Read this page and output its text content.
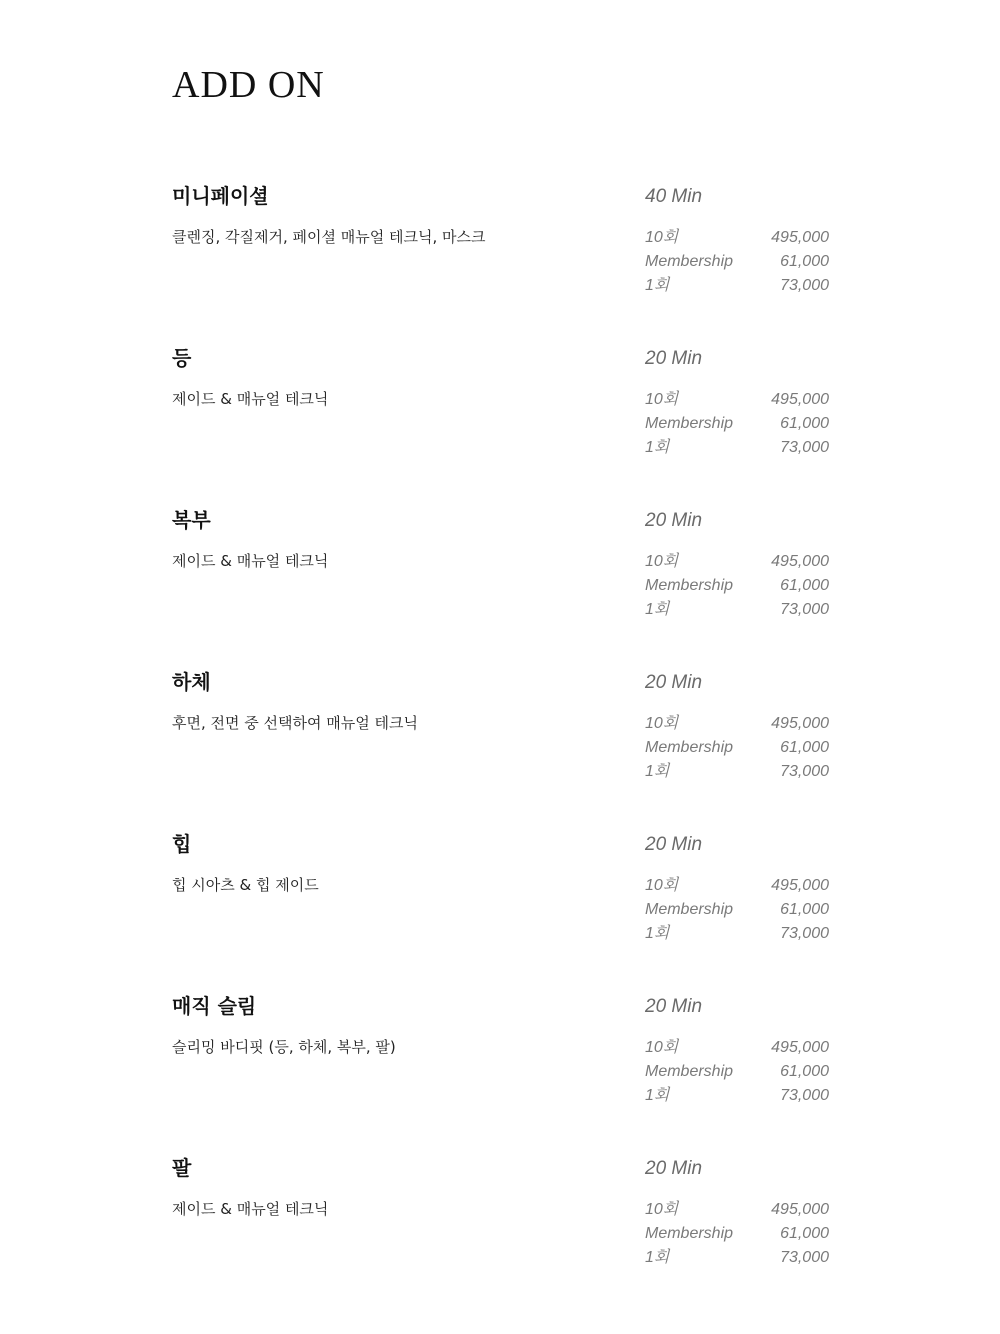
ADD ON
미니페이셜	40 Min
클렌징, 각질제거, 페이셜 매뉴얼 테크닉, 마스크	10회	495,000
Membership	61,000
1회	73,000
등	20 Min
제이드 & 매뉴얼 테크닉	10회	495,000
Membership	61,000
1회	73,000
복부	20 Min
제이드 & 매뉴얼 테크닉	10회	495,000
Membership	61,000
1회	73,000
하체	20 Min
후면, 전면 중 선택하여 매뉴얼 테크닉	10회	495,000
Membership	61,000
1회	73,000
힙	20 Min
힙 시아츠 & 힙 제이드	10회	495,000
Membership	61,000
1회	73,000
매직 슬림	20 Min
슬리밍 바디핏 (등, 하체, 복부, 팔)	10회	495,000
Membership	61,000
1회	73,000
팔	20 Min
제이드 & 매뉴얼 테크닉	10회	495,000
Membership	61,000
1회	73,000
